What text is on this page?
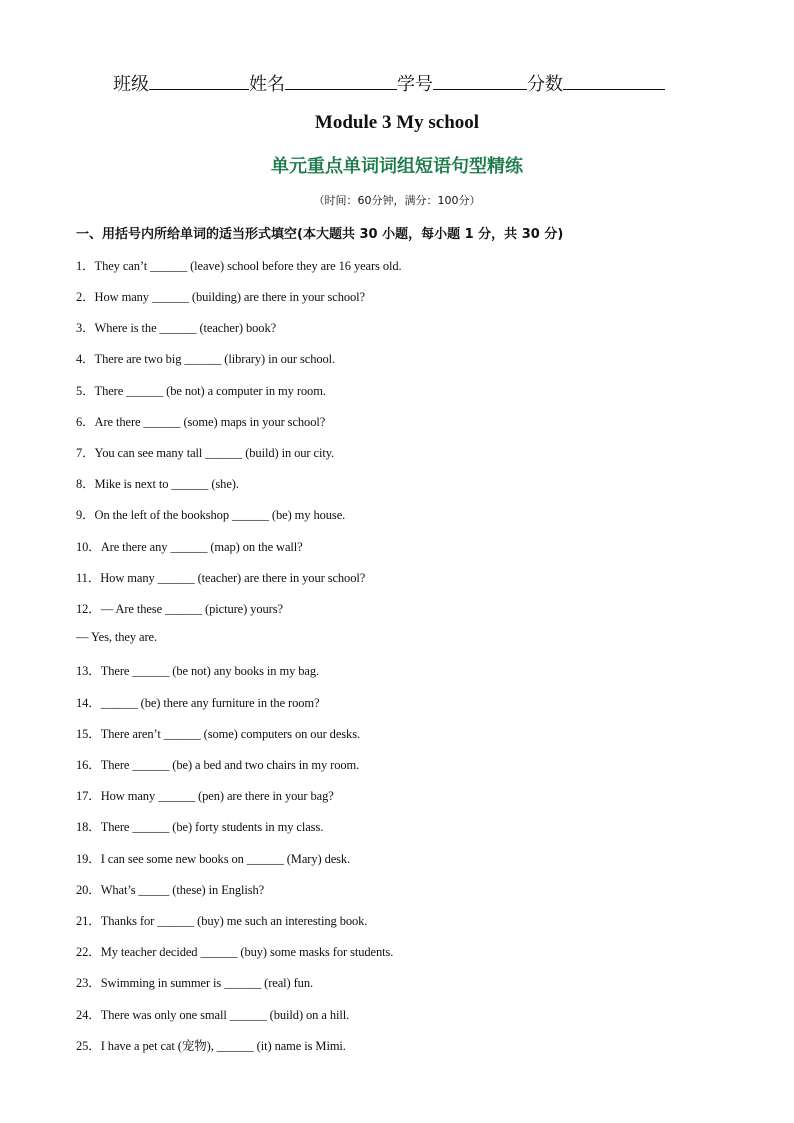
班级	姓名	学号	分数
Module 3 My school
单元重点单词词组短语句型精练
（时间：60分钟，满分：100分）
一、用括号内所给单词的适当形式填空(本大题共 30 小题，每小题 1 分，共 30 分)
1．They can’t ______ (leave) school before they are 16 years old.
2．How many ______ (building) are there in your school?
3．Where is the ______ (teacher) book?
4．There are two big ______ (library) in our school.
5．There ______ (be not) a computer in my room.
6．Are there ______ (some) maps in your school?
7．You can see many tall ______ (build) in our city.
8．Mike is next to ______ (she).
9．On the left of the bookshop ______ (be) my house.
10．Are there any ______ (map) on the wall?
11．How many ______ (teacher) are there in your school?
12．— Are these ______ (picture) yours?
— Yes, they are.
13．There ______ (be not) any books in my bag.
14．______ (be) there any furniture in the room?
15．There aren’t ______ (some) computers on our desks.
16．There ______ (be) a bed and two chairs in my room.
17．How many ______ (pen) are there in your bag?
18．There ______ (be) forty students in my class.
19．I can see some new books on ______ (Mary) desk.
20．What’s _____ (these) in English?
21．Thanks for ______ (buy) me such an interesting book.
22．My teacher decided ______ (buy) some masks for students.
23．Swimming in summer is ______ (real) fun.
24．There was only one small ______ (build) on a hill.
25．I have a pet cat (宠物), ______ (it) name is Mimi.
